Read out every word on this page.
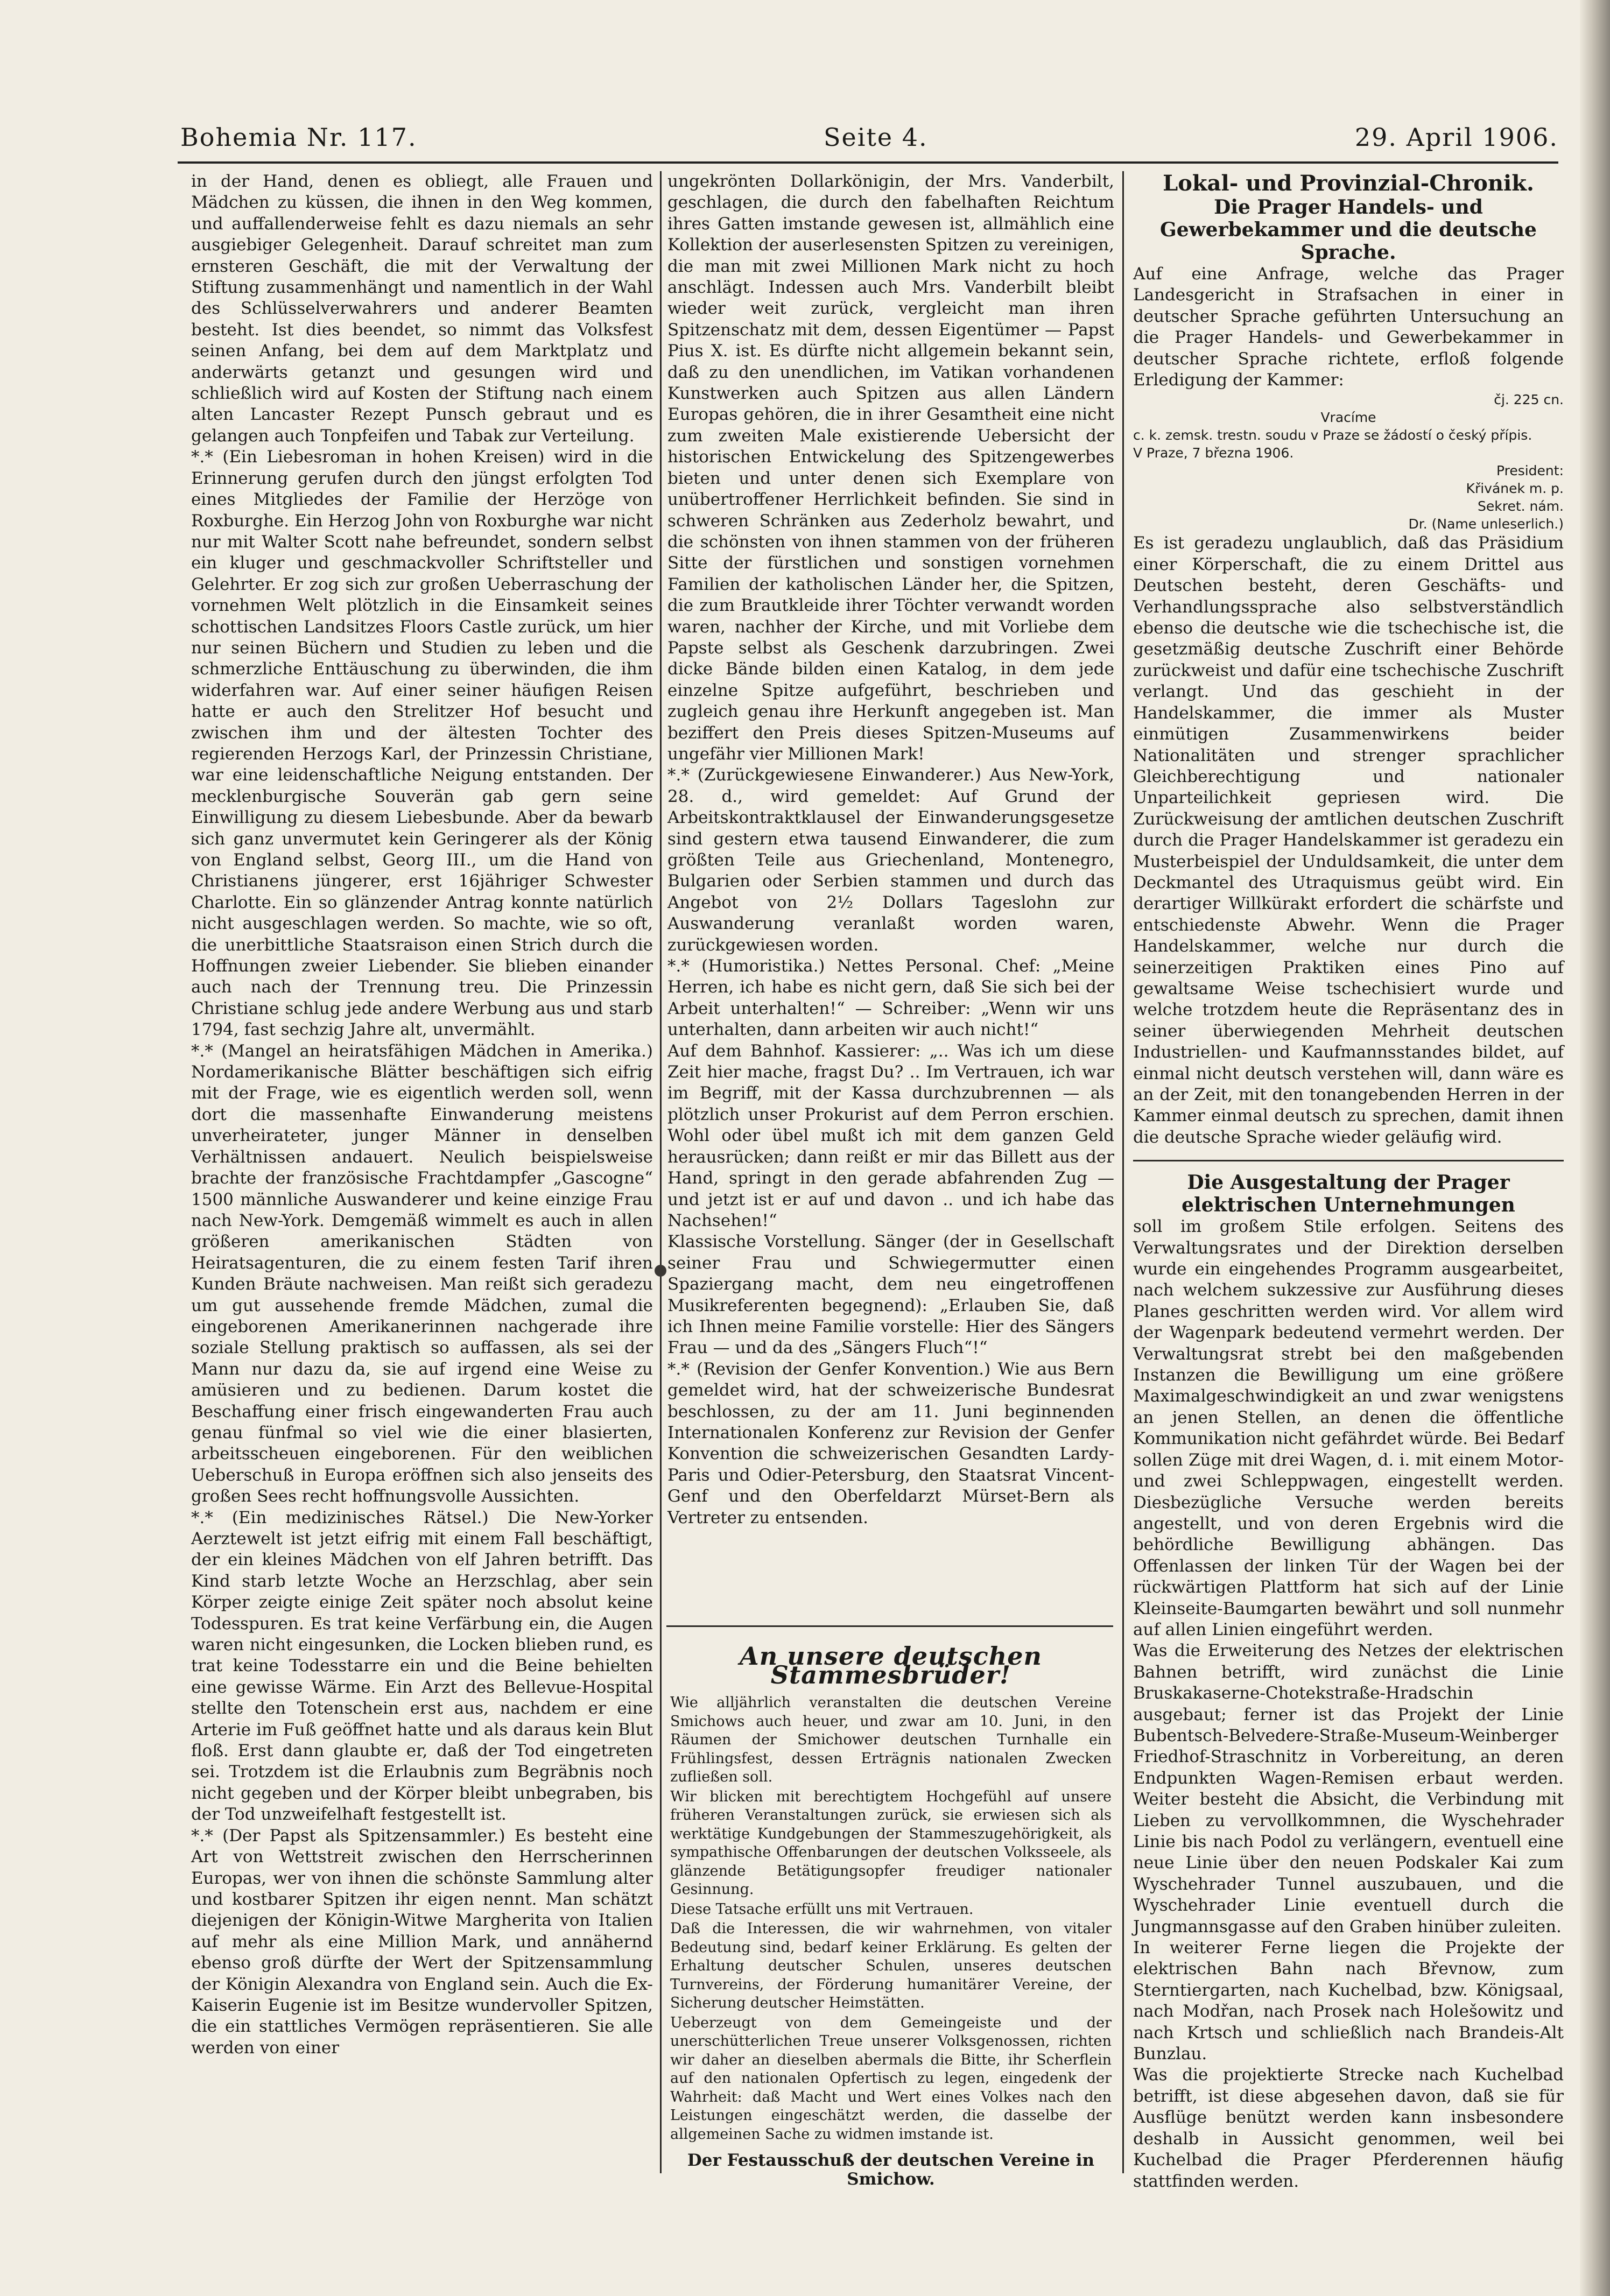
Bohemia Nr. 117.	Seite 4.	29. April 1906.

in der Hand, denen es obliegt, alle Frauen und Mädchen zu küssen, die ihnen in den Weg kommen, und auffallenderweise fehlt es dazu niemals an sehr ausgiebiger Gelegenheit. Darauf schreitet man zum ernsteren Geschäft, die mit der Verwaltung der Stiftung zusammenhängt und namentlich in der Wahl des Schlüsselverwahrers und anderer Beamten besteht. Ist dies beendet, so nimmt das Volksfest seinen Anfang, bei dem auf dem Marktplatz und anderwärts getanzt und gesungen wird und schließlich wird auf Kosten der Stiftung nach einem alten Lancaster Rezept Punsch gebraut und es gelangen auch Tonpfeifen und Tabak zur Verteilung.

*.* (Ein Liebesroman in hohen Kreisen) wird in die Erinnerung gerufen durch den jüngst erfolgten Tod eines Mitgliedes der Familie der Herzöge von Roxburghe. Ein Herzog John von Roxburghe war nicht nur mit Walter Scott nahe befreundet, sondern selbst ein kluger und geschmackvoller Schriftsteller und Gelehrter. Er zog sich zur großen Ueberraschung der vornehmen Welt plötzlich in die Einsamkeit seines schottischen Landsitzes Floors Castle zurück, um hier nur seinen Büchern und Studien zu leben und die schmerzliche Enttäuschung zu überwinden, die ihm widerfahren war. Auf einer seiner häufigen Reisen hatte er auch den Strelitzer Hof besucht und zwischen ihm und der ältesten Tochter des regierenden Herzogs Karl, der Prinzessin Christiane, war eine leidenschaftliche Neigung entstanden. Der mecklenburgische Souverän gab gern seine Einwilligung zu diesem Liebesbunde. Aber da bewarb sich ganz unvermutet kein Geringerer als der König von England selbst, Georg III., um die Hand von Christianens jüngerer, erst 16jähriger Schwester Charlotte. Ein so glänzender Antrag konnte natürlich nicht ausgeschlagen werden. So machte, wie so oft, die unerbittliche Staatsraison einen Strich durch die Hoffnungen zweier Liebender. Sie blieben einander auch nach der Trennung treu. Die Prinzessin Christiane schlug jede andere Werbung aus und starb 1794, fast sechzig Jahre alt, unvermählt.

*.* (Mangel an heiratsfähigen Mädchen in Amerika.) Nordamerikanische Blätter beschäftigen sich eifrig mit der Frage, wie es eigentlich werden soll, wenn dort die massenhafte Einwanderung meistens unverheirateter, junger Männer in denselben Verhältnissen andauert. Neulich beispielsweise brachte der französische Frachtdampfer „Gascogne“ 1500 männliche Auswanderer und keine einzige Frau nach New-York. Demgemäß wimmelt es auch in allen größeren amerikanischen Städten von Heiratsagenturen, die zu einem festen Tarif ihren Kunden Bräute nachweisen. Man reißt sich geradezu um gut aussehende fremde Mädchen, zumal die eingeborenen Amerikanerinnen nachgerade ihre soziale Stellung praktisch so auffassen, als sei der Mann nur dazu da, sie auf irgend eine Weise zu amüsieren und zu bedienen. Darum kostet die Beschaffung einer frisch eingewanderten Frau auch genau fünfmal so viel wie die einer blasierten, arbeitsscheuen eingeborenen. Für den weiblichen Ueberschuß in Europa eröffnen sich also jenseits des großen Sees recht hoffnungsvolle Aussichten.

*.* (Ein medizinisches Rätsel.) Die New-Yorker Aerztewelt ist jetzt eifrig mit einem Fall beschäftigt, der ein kleines Mädchen von elf Jahren betrifft. Das Kind starb letzte Woche an Herzschlag, aber sein Körper zeigte einige Zeit später noch absolut keine Todesspuren. Es trat keine Verfärbung ein, die Augen waren nicht eingesunken, die Locken blieben rund, es trat keine Todesstarre ein und die Beine behielten eine gewisse Wärme. Ein Arzt des Bellevue-Hospital stellte den Totenschein erst aus, nachdem er eine Arterie im Fuß geöffnet hatte und als daraus kein Blut floß. Erst dann glaubte er, daß der Tod eingetreten sei. Trotzdem ist die Erlaubnis zum Begräbnis noch nicht gegeben und der Körper bleibt unbegraben, bis der Tod unzweifelhaft festgestellt ist.

*.* (Der Papst als Spitzensammler.) Es besteht eine Art von Wettstreit zwischen den Herrscherinnen Europas, wer von ihnen die schönste Sammlung alter und kostbarer Spitzen ihr eigen nennt. Man schätzt diejenigen der Königin-Witwe Margherita von Italien auf mehr als eine Million Mark, und annähernd ebenso groß dürfte der Wert der Spitzensammlung der Königin Alexandra von England sein. Auch die Ex-Kaiserin Eugenie ist im Besitze wundervoller Spitzen, die ein stattliches Vermögen repräsentieren. Sie alle werden von einer

ungekrönten Dollarkönigin, der Mrs. Vanderbilt, geschlagen, die durch den fabelhaften Reichtum ihres Gatten imstande gewesen ist, allmählich eine Kollektion der auserlesensten Spitzen zu vereinigen, die man mit zwei Millionen Mark nicht zu hoch anschlägt. Indessen auch Mrs. Vanderbilt bleibt wieder weit zurück, vergleicht man ihren Spitzenschatz mit dem, dessen Eigentümer — Papst Pius X. ist. Es dürfte nicht allgemein bekannt sein, daß zu den unendlichen, im Vatikan vorhandenen Kunstwerken auch Spitzen aus allen Ländern Europas gehören, die in ihrer Gesamtheit eine nicht zum zweiten Male existierende Uebersicht der historischen Entwickelung des Spitzengewerbes bieten und unter denen sich Exemplare von unübertroffener Herrlichkeit befinden. Sie sind in schweren Schränken aus Zederholz bewahrt, und die schönsten von ihnen stammen von der früheren Sitte der fürstlichen und sonstigen vornehmen Familien der katholischen Länder her, die Spitzen, die zum Brautkleide ihrer Töchter verwandt worden waren, nachher der Kirche, und mit Vorliebe dem Papste selbst als Geschenk darzubringen. Zwei dicke Bände bilden einen Katalog, in dem jede einzelne Spitze aufgeführt, beschrieben und zugleich genau ihre Herkunft angegeben ist. Man beziffert den Preis dieses Spitzen-Museums auf ungefähr vier Millionen Mark!

*.* (Zurückgewiesene Einwanderer.) Aus New-York, 28. d., wird gemeldet: Auf Grund der Arbeitskontraktklausel der Einwanderungsgesetze sind gestern etwa tausend Einwanderer, die zum größten Teile aus Griechenland, Montenegro, Bulgarien oder Serbien stammen und durch das Angebot von 2½ Dollars Tageslohn zur Auswanderung veranlaßt worden waren, zurückgewiesen worden.

*.* (Humoristika.) Nettes Personal. Chef: „Meine Herren, ich habe es nicht gern, daß Sie sich bei der Arbeit unterhalten!“ — Schreiber: „Wenn wir uns unterhalten, dann arbeiten wir auch nicht!“

Auf dem Bahnhof. Kassierer: „.. Was ich um diese Zeit hier mache, fragst Du? .. Im Vertrauen, ich war im Begriff, mit der Kassa durchzubrennen — als plötzlich unser Prokurist auf dem Perron erschien. Wohl oder übel mußt ich mit dem ganzen Geld herausrücken; dann reißt er mir das Billett aus der Hand, springt in den gerade abfahrenden Zug — und jetzt ist er auf und davon .. und ich habe das Nachsehen!“

Klassische Vorstellung. Sänger (der in Gesellschaft seiner Frau und Schwiegermutter einen Spaziergang macht, dem neu eingetroffenen Musikreferenten begegnend): „Erlauben Sie, daß ich Ihnen meine Familie vorstelle: Hier des Sängers Frau — und da des „Sängers Fluch“!“

*.* (Revision der Genfer Konvention.) Wie aus Bern gemeldet wird, hat der schweizerische Bundesrat beschlossen, zu der am 11. Juni beginnenden Internationalen Konferenz zur Revision der Genfer Konvention die schweizerischen Gesandten Lardy-Paris und Odier-Petersburg, den Staatsrat Vincent-Genf und den Oberfeldarzt Mürset-Bern als Vertreter zu entsenden.

An unsere deutschen Stammesbrüder!

Wie alljährlich veranstalten die deutschen Vereine Smichows auch heuer, und zwar am 10. Juni, in den Räumen der Smichower deutschen Turnhalle ein Frühlingsfest, dessen Erträgnis nationalen Zwecken zufließen soll.

Wir blicken mit berechtigtem Hochgefühl auf unsere früheren Veranstaltungen zurück, sie erwiesen sich als werktätige Kundgebungen der Stammeszugehörigkeit, als sympathische Offenbarungen der deutschen Volksseele, als glänzende Betätigungsopfer freudiger nationaler Gesinnung.

Diese Tatsache erfüllt uns mit Vertrauen.

Daß die Interessen, die wir wahrnehmen, von vitaler Bedeutung sind, bedarf keiner Erklärung. Es gelten der Erhaltung deutscher Schulen, unseres deutschen Turnvereins, der Förderung humanitärer Vereine, der Sicherung deutscher Heimstätten.

Ueberzeugt von dem Gemeingeiste und der unerschütterlichen Treue unserer Volksgenossen, richten wir daher an dieselben abermals die Bitte, ihr Scherflein auf den nationalen Opfertisch zu legen, eingedenk der Wahrheit: daß Macht und Wert eines Volkes nach den Leistungen eingeschätzt werden, die dasselbe der allgemeinen Sache zu widmen imstande ist.

Der Festausschuß der deutschen Vereine in Smichow.

Lokal- und Provinzial-Chronik.

Die Prager Handels- und Gewerbekammer und die deutsche Sprache.

Auf eine Anfrage, welche das Prager Landesgericht in Strafsachen in einer in deutscher Sprache geführten Untersuchung an die Prager Handels- und Gewerbekammer in deutscher Sprache richtete, erfloß folgende Erledigung der Kammer:

čj. 225 cn.

Vracíme

c. k. zemsk. trestn. soudu v Praze se žádostí o český přípis.

V Praze, 7 března 1906.

President:

Křivánek m. p.

Sekret. nám.

Dr. (Name unleserlich.)

Es ist geradezu unglaublich, daß das Präsidium einer Körperschaft, die zu einem Drittel aus Deutschen besteht, deren Geschäfts- und Verhandlungssprache also selbstverständlich ebenso die deutsche wie die tschechische ist, die gesetzmäßig deutsche Zuschrift einer Behörde zurückweist und dafür eine tschechische Zuschrift verlangt. Und das geschieht in der Handelskammer, die immer als Muster einmütigen Zusammenwirkens beider Nationalitäten und strenger sprachlicher Gleichberechtigung und nationaler Unparteilichkeit gepriesen wird. Die Zurückweisung der amtlichen deutschen Zuschrift durch die Prager Handelskammer ist geradezu ein Musterbeispiel der Unduldsamkeit, die unter dem Deckmantel des Utraquismus geübt wird. Ein derartiger Willkürakt erfordert die schärfste und entschiedenste Abwehr. Wenn die Prager Handelskammer, welche nur durch die seinerzeitigen Praktiken eines Pino auf gewaltsame Weise tschechisiert wurde und welche trotzdem heute die Repräsentanz des in seiner überwiegenden Mehrheit deutschen Industriellen- und Kaufmannsstandes bildet, auf einmal nicht deutsch verstehen will, dann wäre es an der Zeit, mit den tonangebenden Herren in der Kammer einmal deutsch zu sprechen, damit ihnen die deutsche Sprache wieder geläufig wird.

Die Ausgestaltung der Prager elektrischen Unternehmungen

soll im großem Stile erfolgen. Seitens des Verwaltungsrates und der Direktion derselben wurde ein eingehendes Programm ausgearbeitet, nach welchem sukzessive zur Ausführung dieses Planes geschritten werden wird. Vor allem wird der Wagenpark bedeutend vermehrt werden. Der Verwaltungsrat strebt bei den maßgebenden Instanzen die Bewilligung um eine größere Maximalgeschwindigkeit an und zwar wenigstens an jenen Stellen, an denen die öffentliche Kommunikation nicht gefährdet würde. Bei Bedarf sollen Züge mit drei Wagen, d. i. mit einem Motor- und zwei Schleppwagen, eingestellt werden. Diesbezügliche Versuche werden bereits angestellt, und von deren Ergebnis wird die behördliche Bewilligung abhängen. Das Offenlassen der linken Tür der Wagen bei der rückwärtigen Plattform hat sich auf der Linie Kleinseite-Baumgarten bewährt und soll nunmehr auf allen Linien eingeführt werden.

Was die Erweiterung des Netzes der elektrischen Bahnen betrifft, wird zunächst die Linie Bruskakaserne-Chotekstraße-Hradschin ausgebaut; ferner ist das Projekt der Linie Bubentsch-Belvedere-Straße-Museum-Weinberger Friedhof-Straschnitz in Vorbereitung, an deren Endpunkten Wagen-Remisen erbaut werden. Weiter besteht die Absicht, die Verbindung mit Lieben zu vervollkommnen, die Wyschehrader Linie bis nach Podol zu verlängern, eventuell eine neue Linie über den neuen Podskaler Kai zum Wyschehrader Tunnel auszubauen, und die Wyschehrader Linie eventuell durch die Jungmannsgasse auf den Graben hinüber zuleiten.

In weiterer Ferne liegen die Projekte der elektrischen Bahn nach Břevnow, zum Sterntiergarten, nach Kuchelbad, bzw. Königsaal, nach Modřan, nach Prosek nach Holešowitz und nach Krtsch und schließlich nach Brandeis-Alt Bunzlau.

Was die projektierte Strecke nach Kuchelbad betrifft, ist diese abgesehen davon, daß sie für Ausflüge benützt werden kann insbesondere deshalb in Aussicht genommen, weil bei Kuchelbad die Prager Pferderennen häufig stattfinden werden.
